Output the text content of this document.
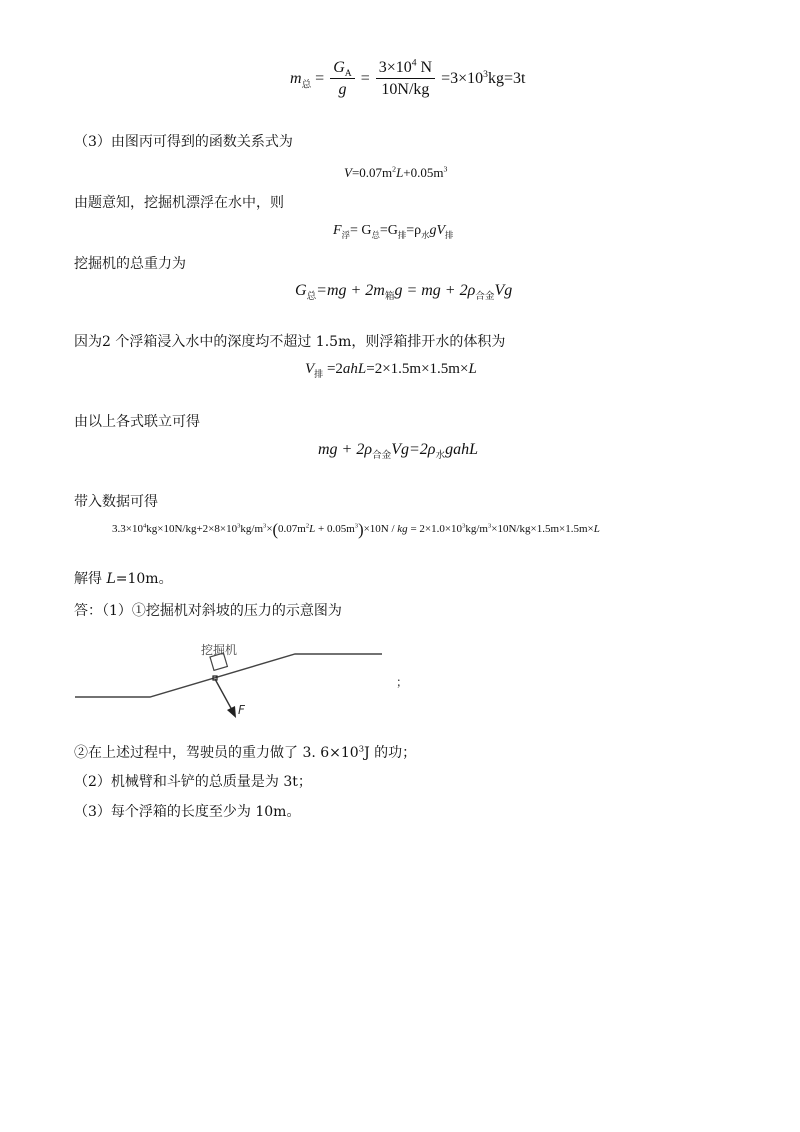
$m_总 = \frac{G_A}{g} = \frac{3\times 10^4 N}{10N/kg} =3\times 10^3kg=3t$
（3）由图丙可得到的函数关系式为
$V=0.07m^2L+0.05m^3$
由题意知，挖掘机漂浮在水中，则
$F_浮= G_总=G_排=\rho_水gV_排$
挖掘机的总重力为
$G_总=mg + 2m_箱g$ = mg + $2\rho_{合金}Vg$
因为2 个浮箱浸入水中的深度均不超过 1.5m，则浮箱排开水的体积为
$V_排 =2ahL=2\times 1.5m\times 1.5m\times L$
由以上各式联立可得
mg + $2\rho_{合金}Vg=2\rho_水gahL$
带入数据可得
$3.3\times 10^4kg\times 10N/kg+2\times 8\times 10^3kg/m^3\times(0.07m^2L + 0.05m^3)\times 10N$ / kg = $2\times 1.0\times 10^3kg/m^3\times 10N/kg\times 1.5m\times 1.5m\times L$
解得 L=10m。
答：（1）①挖掘机对斜坡的压力的示意图为
挖掘机
F
；
②在上述过程中，驾驶员的重力做了 3. $6\times 10^3J$ 的功；
（2）机械臂和斗铲的总质量是为 3t；
（3）每个浮箱的长度至少为 10m。
